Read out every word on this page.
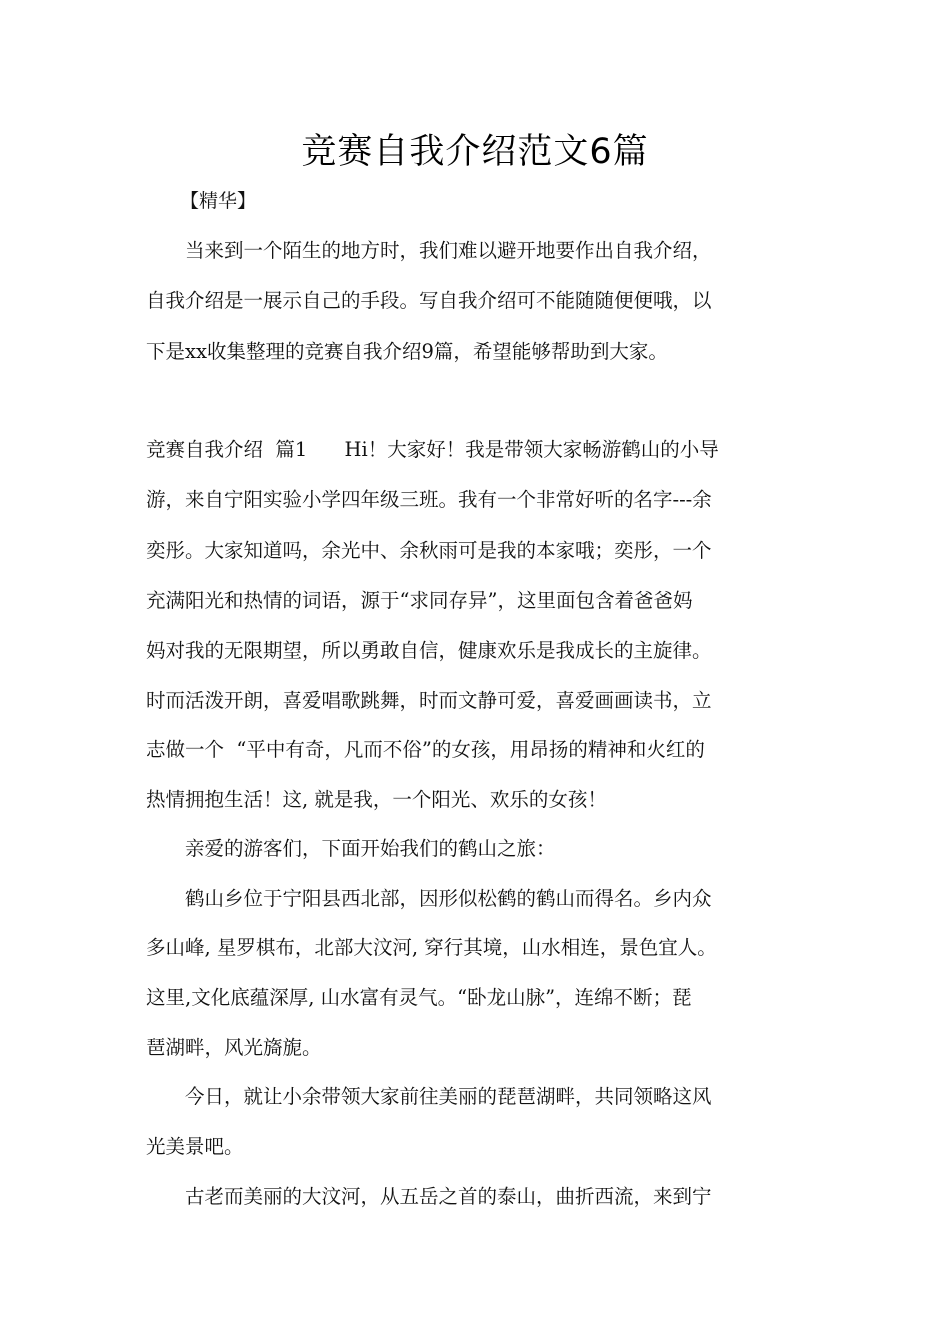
竞赛自我介绍范文6篇
【精华】
　　当来到一个陌生的地方时，我们难以避开地要作出自我介绍，
自我介绍是一展示自己的手段。写自我介绍可不能随随便便哦，以
下是xx收集整理的竞赛自我介绍9篇，希望能够帮助到大家。
竞赛自我介绍  篇1      Hi！大家好！我是带领大家畅游鹤山的小导
游，来自宁阳实验小学四年级三班。我有一个非常好听的名字---余
奕彤。大家知道吗，余光中、余秋雨可是我的本家哦；奕彤，一个
充满阳光和热情的词语，源于“求同存异”，这里面包含着爸爸妈
妈对我的无限期望，所以勇敢自信，健康欢乐是我成长的主旋律。
时而活泼开朗，喜爱唱歌跳舞，时而文静可爱，喜爱画画读书，立
志做一个  “平中有奇，凡而不俗”的女孩，用昂扬的精神和火红的
热情拥抱生活！这, 就是我，一个阳光、欢乐的女孩！
　　亲爱的游客们，下面开始我们的鹤山之旅：
　　鹤山乡位于宁阳县西北部，因形似松鹤的鹤山而得名。乡内众
多山峰, 星罗棋布，北部大汶河, 穿行其境，山水相连，景色宜人。
这里,文化底蕴深厚, 山水富有灵气。“卧龙山脉”，连绵不断；琵
琶湖畔，风光旖旎。
　　今日，就让小余带领大家前往美丽的琵琶湖畔，共同领略这风
光美景吧。
　　古老而美丽的大汶河，从五岳之首的泰山，曲折西流，来到宁
